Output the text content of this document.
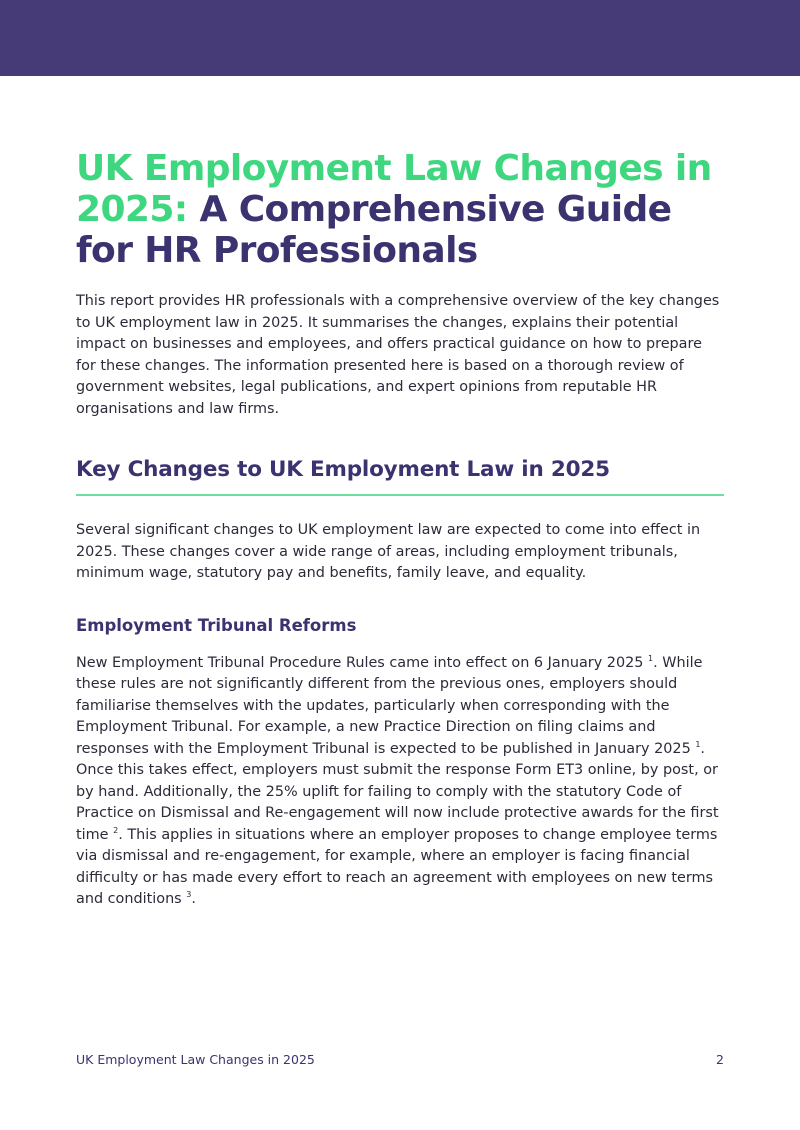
UK Employment Law Changes in 2025: A Comprehensive Guide for HR Professionals

This report provides HR professionals with a comprehensive overview of the key changes to UK employment law in 2025. It summarises the changes, explains their potential impact on businesses and employees, and offers practical guidance on how to prepare for these changes. The information presented here is based on a thorough review of government websites, legal publications, and expert opinions from reputable HR organisations and law firms.

Key Changes to UK Employment Law in 2025

Several significant changes to UK employment law are expected to come into effect in 2025. These changes cover a wide range of areas, including employment tribunals, minimum wage, statutory pay and benefits, family leave, and equality.

Employment Tribunal Reforms

New Employment Tribunal Procedure Rules came into effect on 6 January 2025 $^1$. While these rules are not significantly different from the previous ones, employers should familiarise themselves with the updates, particularly when corresponding with the Employment Tribunal. For example, a new Practice Direction on filing claims and responses with the Employment Tribunal is expected to be published in January 2025 $^1$. Once this takes effect, employers must submit the response Form ET3 online, by post, or by hand. Additionally, the 25% uplift for failing to comply with the statutory Code of Practice on Dismissal and Re-engagement will now include protective awards for the first time $^2$. This applies in situations where an employer proposes to change employee terms via dismissal and re-engagement, for example, where an employer is facing financial difficulty or has made every effort to reach an agreement with employees on new terms and conditions $^3$.

UK Employment Law Changes in 2025	2
